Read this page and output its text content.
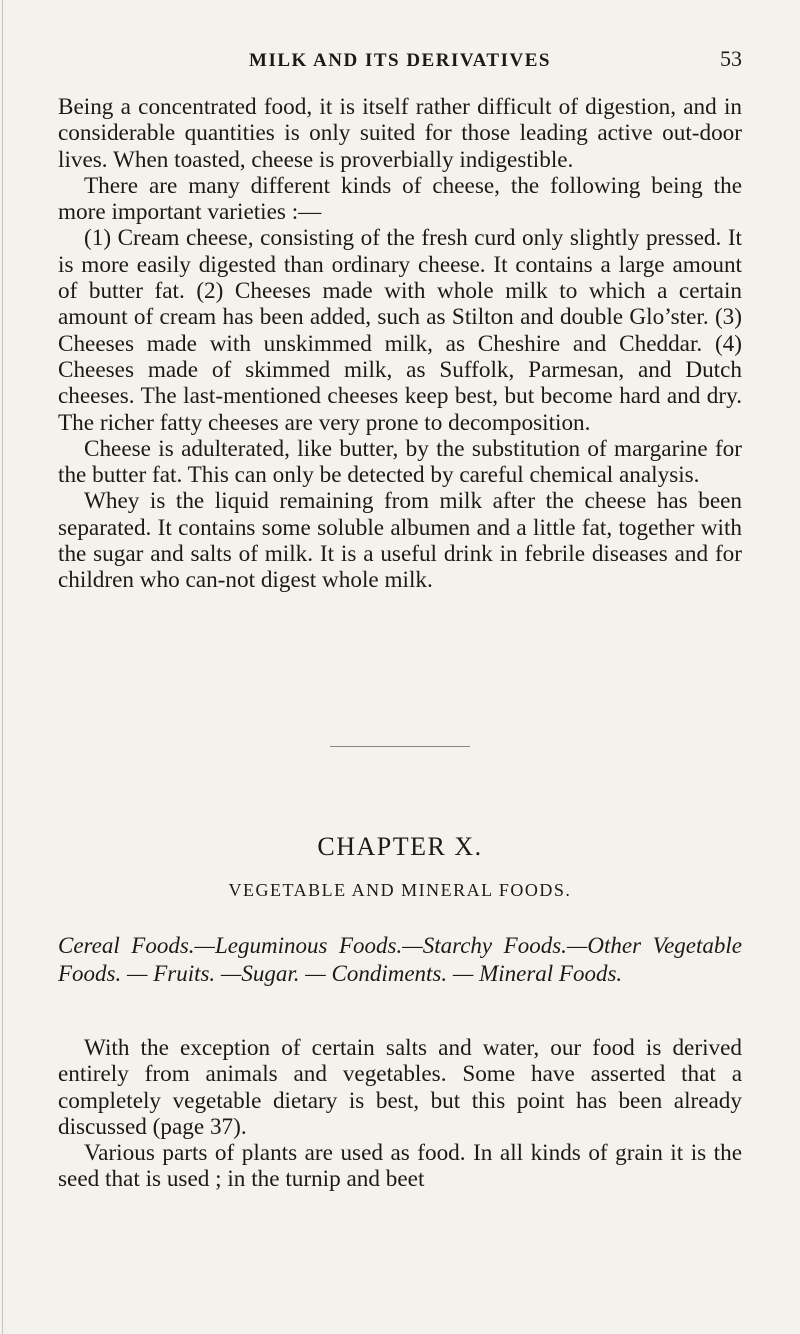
MILK AND ITS DERIVATIVES	53

Being a concentrated food, it is itself rather difficult of digestion, and in considerable quantities is only suited for those leading active out-door lives. When toasted, cheese is proverbially indigestible.

There are many different kinds of cheese, the following being the more important varieties :—

(1) Cream cheese, consisting of the fresh curd only slightly pressed. It is more easily digested than ordinary cheese. It contains a large amount of butter fat. (2) Cheeses made with whole milk to which a certain amount of cream has been added, such as Stilton and double Glo’ster. (3) Cheeses made with unskimmed milk, as Cheshire and Cheddar. (4) Cheeses made of skimmed milk, as Suffolk, Parmesan, and Dutch cheeses. The last-mentioned cheeses keep best, but become hard and dry. The richer fatty cheeses are very prone to decomposition.

Cheese is adulterated, like butter, by the substitution of margarine for the butter fat. This can only be detected by careful chemical analysis.

Whey is the liquid remaining from milk after the cheese has been separated. It contains some soluble albumen and a little fat, together with the sugar and salts of milk. It is a useful drink in febrile diseases and for children who can-not digest whole milk.

CHAPTER X.
VEGETABLE AND MINERAL FOODS.
Cereal Foods.—Leguminous Foods.—Starchy Foods.—Other Vegetable Foods. — Fruits. —Sugar. — Condiments. — Mineral Foods.

With the exception of certain salts and water, our food is derived entirely from animals and vegetables. Some have asserted that a completely vegetable dietary is best, but this point has been already discussed (page 37).

Various parts of plants are used as food. In all kinds of grain it is the seed that is used ; in the turnip and beet
